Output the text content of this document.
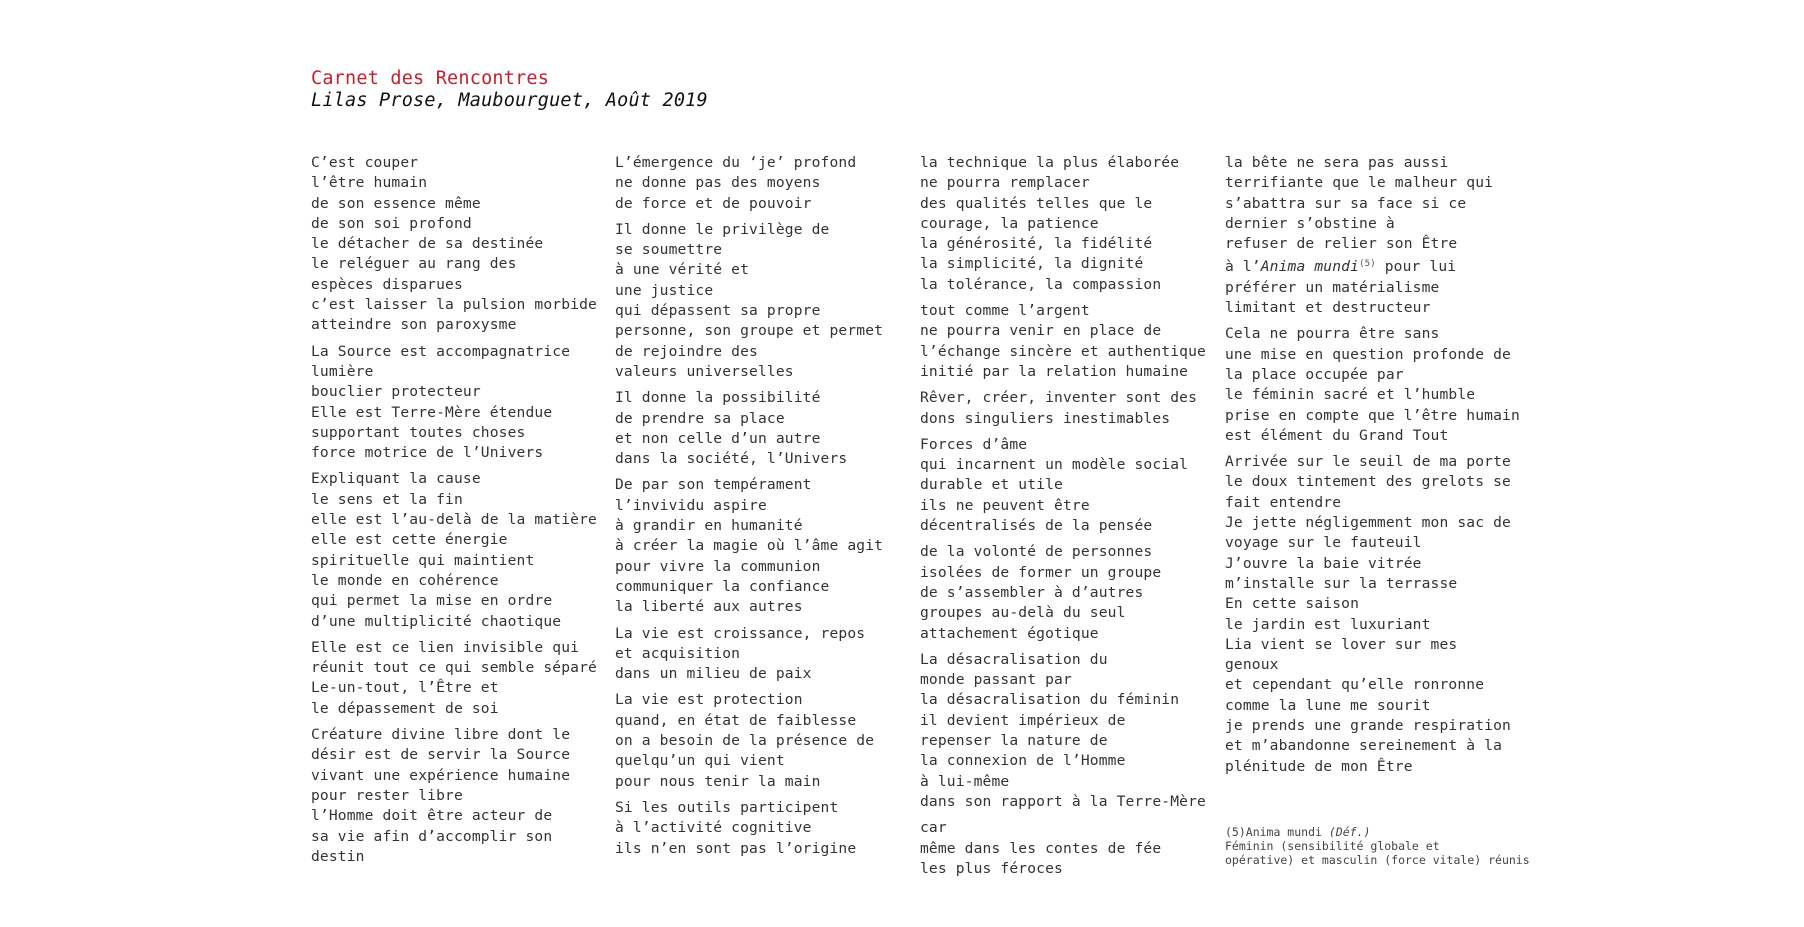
Carnet des Rencontres
Lilas Prose, Maubourguet, Août 2019
C’est couper
l’être humain
de son essence même
de son soi profond
le détacher de sa destinée
le reléguer au rang des
espèces disparues
c’est laisser la pulsion morbide
atteindre son paroxysme
La Source est accompagnatrice
lumière
bouclier protecteur
Elle est Terre-Mère étendue
supportant toutes choses
force motrice de l’Univers
Expliquant la cause
le sens et la fin
elle est l’au-delà de la matière
elle est cette énergie
spirituelle qui maintient
le monde en cohérence
qui permet la mise en ordre
d’une multiplicité chaotique
Elle est ce lien invisible qui
réunit tout ce qui semble séparé
Le-un-tout, l’Être et
le dépassement de soi
Créature divine libre dont le
désir est de servir la Source
vivant une expérience humaine
pour rester libre
l’Homme doit être acteur de
sa vie afin d’accomplir son
destin
L’émergence du ‘je’ profond
ne donne pas des moyens
de force et de pouvoir
Il donne le privilège de
se soumettre
à une vérité et
une justice
qui dépassent sa propre
personne, son groupe et permet
de rejoindre des
valeurs universelles
Il donne la possibilité
de prendre sa place
et non celle d’un autre
dans la société, l’Univers
De par son tempérament
l’invividu aspire
à grandir en humanité
à créer la magie où l’âme agit
pour vivre la communion
communiquer la confiance
la liberté aux autres
La vie est croissance, repos
et acquisition
dans un milieu de paix
La vie est protection
quand, en état de faiblesse
on a besoin de la présence de
quelqu’un qui vient
pour nous tenir la main
Si les outils participent
à l’activité cognitive
ils n’en sont pas l’origine
la technique la plus élaborée
ne pourra remplacer
des qualités telles que le
courage, la patience
la générosité, la fidélité
la simplicité, la dignité
la tolérance, la compassion
tout comme l’argent
ne pourra venir en place de
l’échange sincère et authentique
initié par la relation humaine
Rêver, créer, inventer sont des
dons singuliers inestimables
Forces d’âme
qui incarnent un modèle social
durable et utile
ils ne peuvent être
décentralisés de la pensée
de la volonté de personnes
isolées de former un groupe
de s’assembler à d’autres
groupes au-delà du seul
attachement égotique
La désacralisation du
monde passant par
la désacralisation du féminin
il devient impérieux de
repenser la nature de
la connexion de l’Homme
à lui-même
dans son rapport à la Terre-Mère
car
même dans les contes de fée
les plus féroces
la bête ne sera pas aussi
terrifiante que le malheur qui
s’abattra sur sa face si ce
dernier s’obstine à
refuser de relier son Être
à l’Anima mundi$^{(5)}$ pour lui
préférer un matérialisme
limitant et destructeur
Cela ne pourra être sans
une mise en question profonde de
la place occupée par
le féminin sacré et l’humble
prise en compte que l’être humain
est élément du Grand Tout
Arrivée sur le seuil de ma porte
le doux tintement des grelots se
fait entendre
Je jette négligemment mon sac de
voyage sur le fauteuil
J’ouvre la baie vitrée
m’installe sur la terrasse
En cette saison
le jardin est luxuriant
Lia vient se lover sur mes
genoux
et cependant qu’elle ronronne
comme la lune me sourit
je prends une grande respiration
et m’abandonne sereinement à la
plénitude de mon Être
(5)Anima mundi (Déf.)
Féminin (sensibilité globale et
opérative) et masculin (force vitale) réunis
